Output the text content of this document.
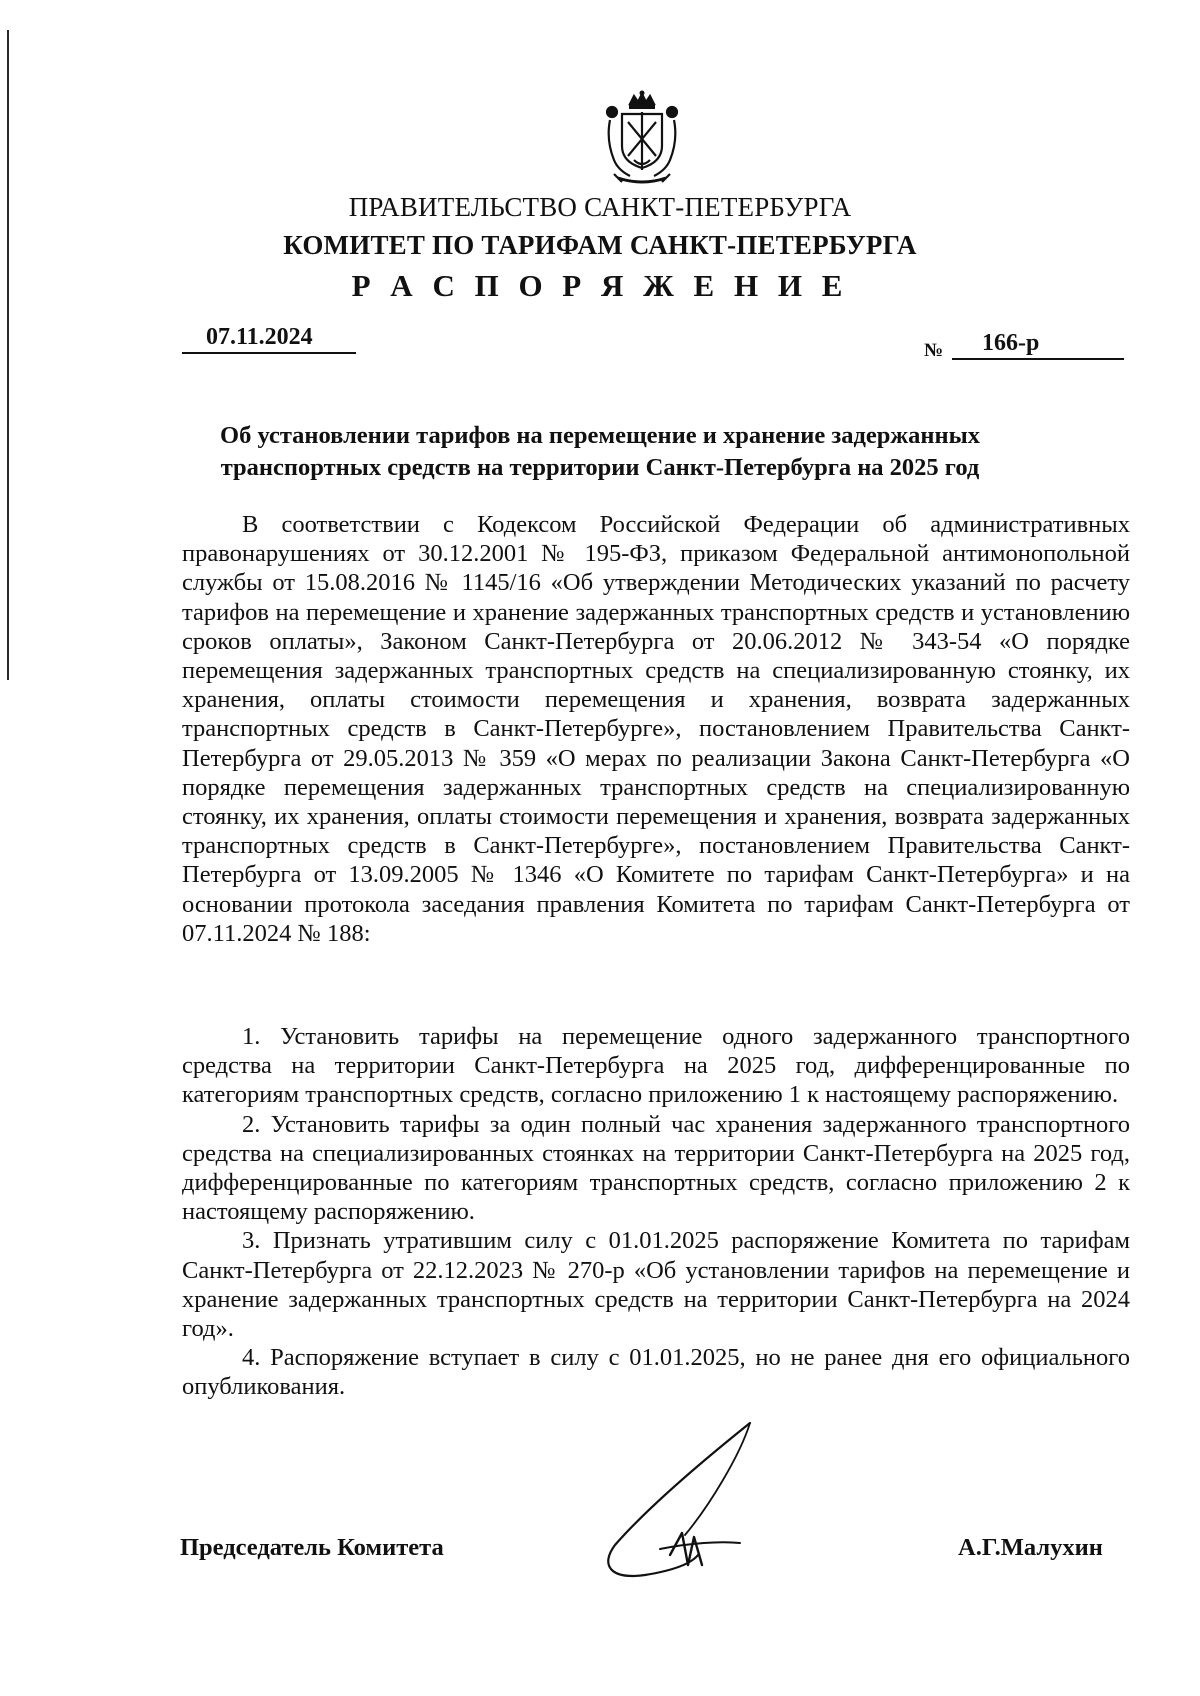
ПРАВИТЕЛЬСТВО САНКТ-ПЕТЕРБУРГА
КОМИТЕТ ПО ТАРИФАМ САНКТ-ПЕТЕРБУРГА
Р А С П О Р Я Ж Е Н И Е
07.11.2024
№	166-р
Об установлении тарифов на перемещение и хранение задержанных
транспортных средств на территории Санкт-Петербурга на 2025 год

В соответствии с Кодексом Российской Федерации об административных правонарушениях от 30.12.2001 № 195-ФЗ, приказом Федеральной антимонопольной службы от 15.08.2016 № 1145/16 «Об утверждении Методических указаний по расчету тарифов на перемещение и хранение задержанных транспортных средств и установлению сроков оплаты», Законом Санкт-Петербурга от 20.06.2012 № 343-54 «О порядке перемещения задержанных транспортных средств на специализированную стоянку, их хранения, оплаты стоимости перемещения и хранения, возврата задержанных транспортных средств в Санкт-Петербурге», постановлением Правительства Санкт-Петербурга от 29.05.2013 № 359 «О мерах по реализации Закона Санкт-Петербурга «О порядке перемещения задержанных транспортных средств на специализированную стоянку, их хранения, оплаты стоимости перемещения и хранения, возврата задержанных транспортных средств в Санкт-Петербурге», постановлением Правительства Санкт-Петербурга от 13.09.2005 № 1346 «О Комитете по тарифам Санкт-Петербурга» и на основании протокола заседания правления Комитета по тарифам Санкт-Петербурга от 07.11.2024 № 188:

1. Установить тарифы на перемещение одного задержанного транспортного средства на территории Санкт-Петербурга на 2025 год, дифференцированные по категориям транспортных средств, согласно приложению 1 к настоящему распоряжению.

2. Установить тарифы за один полный час хранения задержанного транспортного средства на специализированных стоянках на территории Санкт-Петербурга на 2025 год, дифференцированные по категориям транспортных средств, согласно приложению 2 к настоящему распоряжению.

3. Признать утратившим силу с 01.01.2025 распоряжение Комитета по тарифам Санкт-Петербурга от 22.12.2023 № 270-р «Об установлении тарифов на перемещение и хранение задержанных транспортных средств на территории Санкт-Петербурга на 2024 год».

4. Распоряжение вступает в силу с 01.01.2025, но не ранее дня его официального опубликования.

Председатель Комитета	А.Г.Малухин
